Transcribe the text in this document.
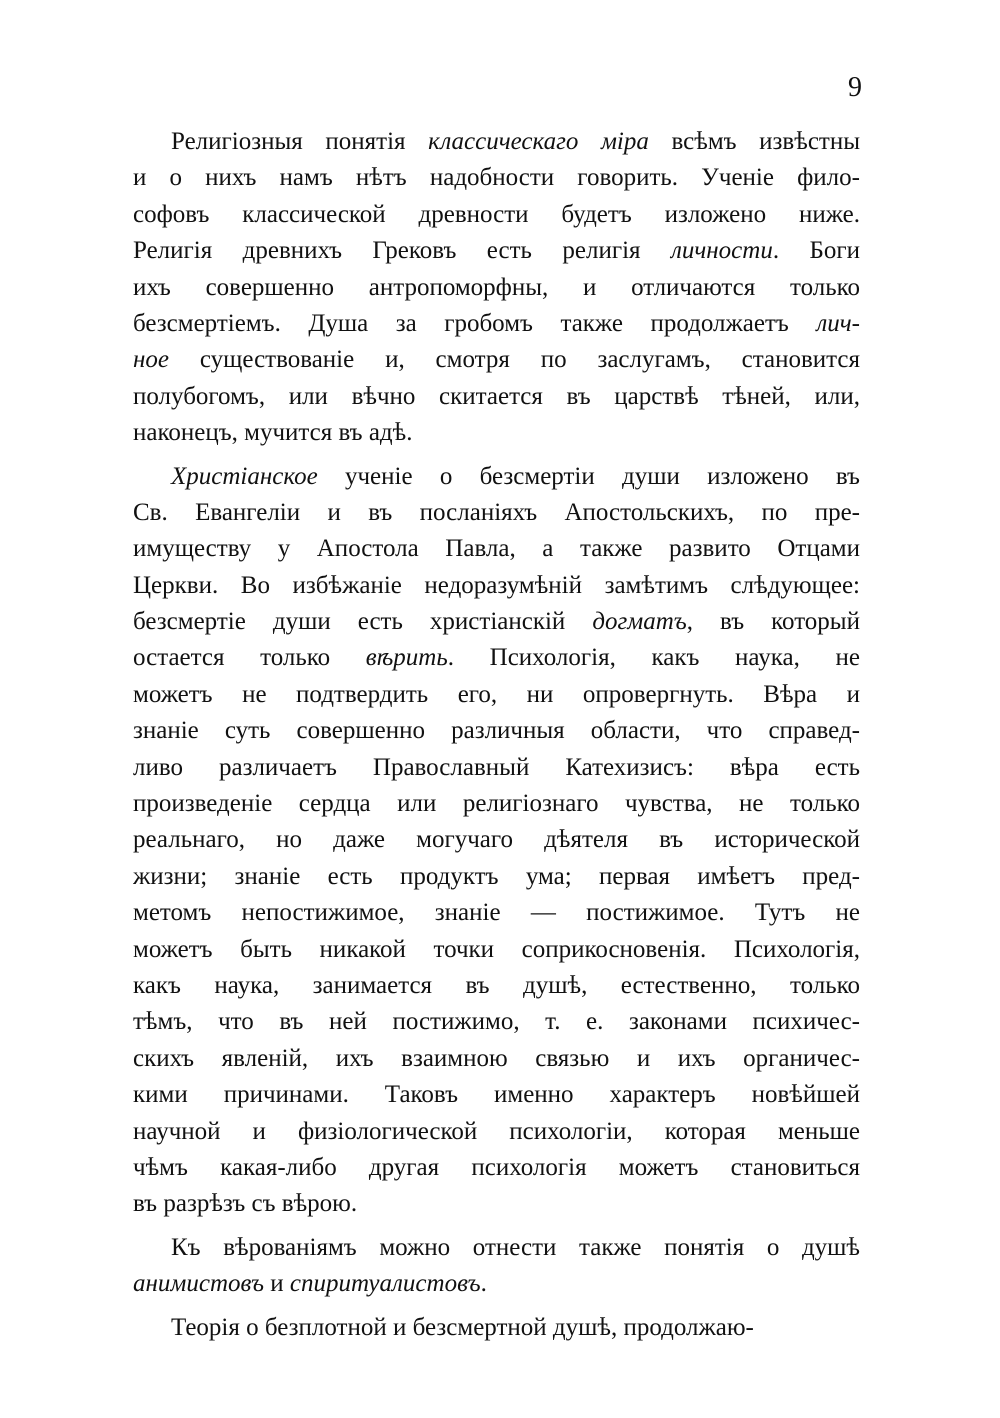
9
Религіозныя понятія классическаго міра всѣмъ извѣстны
и о нихъ намъ нѣтъ надобности говорить. Ученіе фило-
софовъ классической древности будетъ изложено ниже.
Религія древнихъ Грековъ есть религія личности. Боги
ихъ совершенно антропоморфны, и отличаются только
безсмертіемъ. Душа за гробомъ также продолжаетъ лич-
ное существованіе и, смотря по заслугамъ, становится
полубогомъ, или вѣчно скитается въ царствѣ тѣней, или,
наконецъ, мучится въ адѣ.
Христіанское ученіе о безсмертіи души изложено въ
Св. Евангеліи и въ посланіяхъ Апостольскихъ, по пре-
имуществу у Апостола Павла, а также развито Отцами
Церкви. Во избѣжаніе недоразумѣній замѣтимъ слѣдующее:
безсмертіе души есть христіанскій догматъ, въ который
остается только вѣрить. Психологія, какъ наука, не
можетъ не подтвердить его, ни опровергнуть. Вѣра и
знаніе суть совершенно различныя области, что справед-
ливо различаетъ Православный Катехизисъ: вѣра есть
произведеніе сердца или религіознаго чувства, не только
реальнаго, но даже могучаго дѣятеля въ исторической
жизни; знаніе есть продуктъ ума; первая имѣетъ пред-
метомъ непостижимое, знаніе — постижимое. Тутъ не
можетъ быть никакой точки соприкосновенія. Психологія,
какъ наука, занимается въ душѣ, естественно, только
тѣмъ, что въ ней постижимо, т. е. законами психичес-
скихъ явленій, ихъ взаимною связью и ихъ органичес-
кими причинами. Таковъ именно характеръ новѣйшей
научной и физіологической психологіи, которая меньше
чѣмъ какая-либо другая психологія можетъ становиться
въ разрѣзъ съ вѣрою.
Къ вѣрованіямъ можно отнести также понятія о душѣ
анимистовъ и спиритуалистовъ.
Теорія о безплотной и безсмертной душѣ, продолжаю-
